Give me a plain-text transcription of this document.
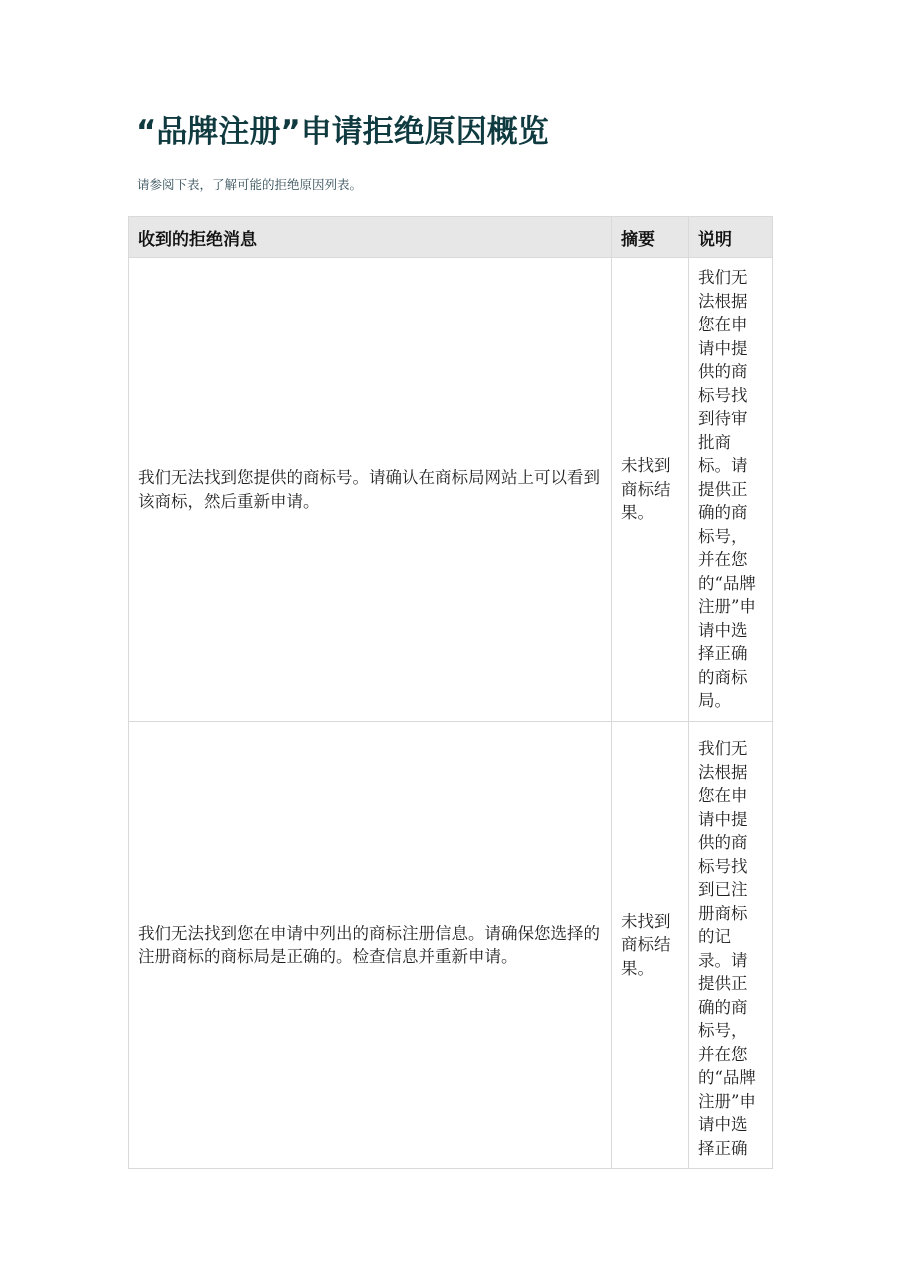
“品牌注册”申请拒绝原因概览

请参阅下表，了解可能的拒绝原因列表。

收到的拒绝消息	摘要	说明
我们无法找到您提供的商标号。请确认在商标局网站上可以看到该商标，然后重新申请。	未找到商标结果。	我们无法根据您在申请中提供的商标号找到待审批商标。请提供正确的商标号，并在您的“品牌注册”申请中选择正确的商标局。
我们无法找到您在申请中列出的商标注册信息。请确保您选择的注册商标的商标局是正确的。检查信息并重新申请。	未找到商标结果。	我们无法根据您在申请中提供的商标号找到已注册商标的记录。请提供正确的商标号，并在您的“品牌注册”申请中选择正确
